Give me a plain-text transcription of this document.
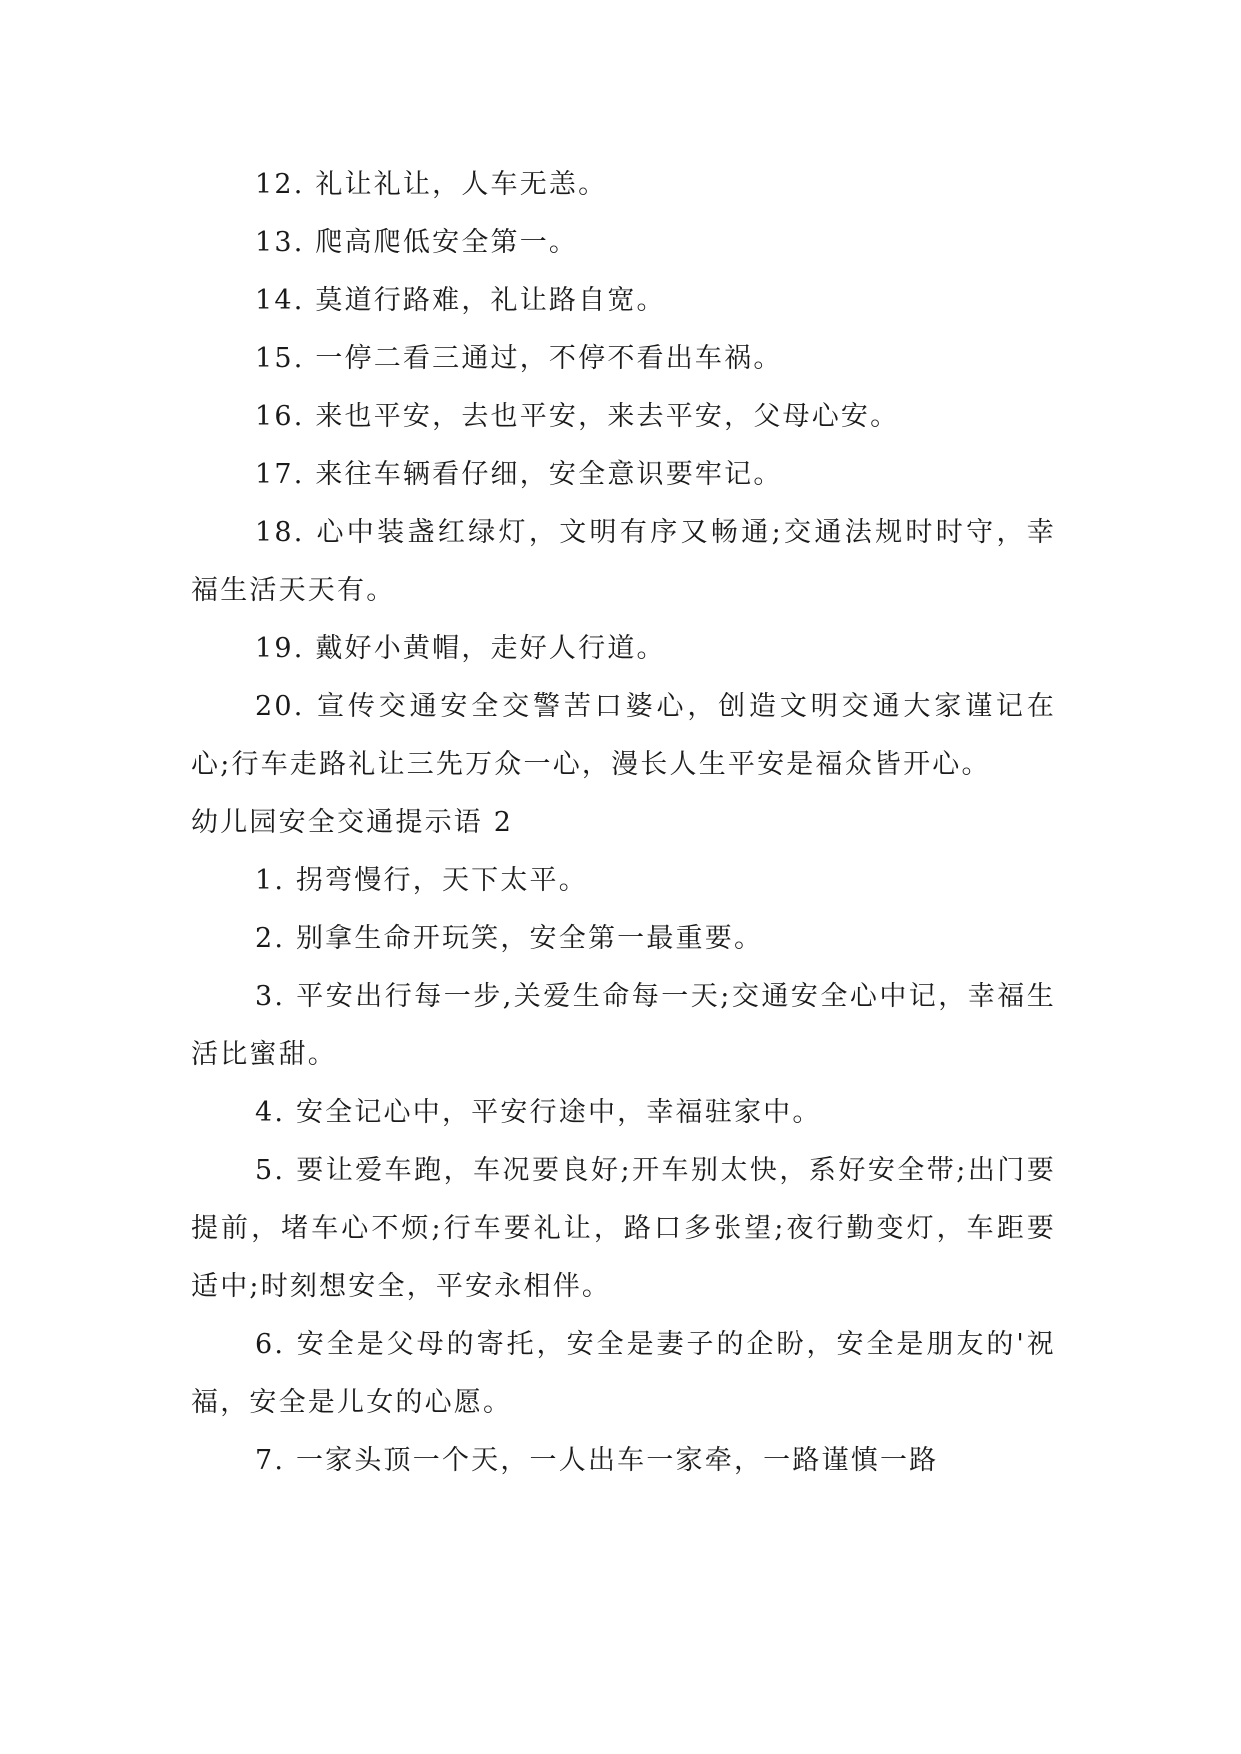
12. 礼让礼让，人车无恙。

13. 爬高爬低安全第一。

14. 莫道行路难，礼让路自宽。

15. 一停二看三通过，不停不看出车祸。

16. 来也平安，去也平安，来去平安，父母心安。

17. 来往车辆看仔细，安全意识要牢记。

18. 心中装盏红绿灯，文明有序又畅通;交通法规时时守，幸福生活天天有。

19. 戴好小黄帽，走好人行道。

20. 宣传交通安全交警苦口婆心，创造文明交通大家谨记在心;行车走路礼让三先万众一心，漫长人生平安是福众皆开心。

幼儿园安全交通提示语 2

1. 拐弯慢行，天下太平。

2. 别拿生命开玩笑，安全第一最重要。

3. 平安出行每一步,关爱生命每一天;交通安全心中记，幸福生活比蜜甜。

4. 安全记心中，平安行途中，幸福驻家中。

5. 要让爱车跑，车况要良好;开车别太快，系好安全带;出门要提前，堵车心不烦;行车要礼让，路口多张望;夜行勤变灯，车距要适中;时刻想安全，平安永相伴。

6. 安全是父母的寄托，安全是妻子的企盼，安全是朋友的'祝福，安全是儿女的心愿。

7. 一家头顶一个天，一人出车一家牵，一路谨慎一路
